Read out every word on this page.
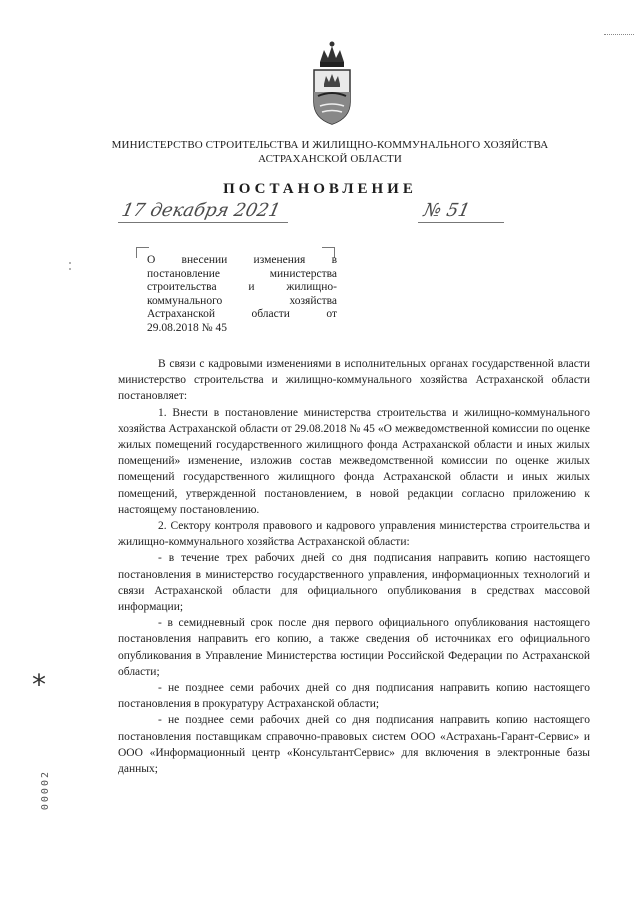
МИНИСТЕРСТВО СТРОИТЕЛЬСТВА И ЖИЛИЩНО-КОММУНАЛЬНОГО ХОЗЯЙСТВА
АСТРАХАНСКОЙ ОБЛАСТИ
ПОСТАНОВЛЕНИЕ
17 декабря 2021	№ 51
О внесении изменения в
постановление министерства
строительства и жилищно-
коммунального хозяйства
Астраханской области от
29.08.2018 № 45

В связи с кадровыми изменениями в исполнительных органах государственной власти министерство строительства и жилищно-коммунального хозяйства Астраханской области постановляет:

1. Внести в постановление министерства строительства и жилищно-коммунального хозяйства Астраханской области от 29.08.2018 № 45 «О межведомственной комиссии по оценке жилых помещений государственного жилищного фонда Астраханской области и иных жилых помещений» изменение, изложив состав межведомственной комиссии по оценке жилых помещений государственного жилищного фонда Астраханской области и иных жилых помещений, утвержденной постановлением, в новой редакции согласно приложению к настоящему постановлению.

2. Сектору контроля правового и кадрового управления министерства строительства и жилищно-коммунального хозяйства Астраханской области:

- в течение трех рабочих дней со дня подписания направить копию настоящего постановления в министерство государственного управления, информационных технологий и связи Астраханской области для официального опубликования в средствах массовой информации;

- в семидневный срок после дня первого официального опубликования настоящего постановления направить его копию, а также сведения об источниках его официального опубликования в Управление Министерства юстиции Российской Федерации по Астраханской области;

- не позднее семи рабочих дней со дня подписания направить копию настоящего постановления в прокуратуру Астраханской области;

- не позднее семи рабочих дней со дня подписания направить копию настоящего постановления поставщикам справочно-правовых систем ООО «Астрахань-Гарант-Сервис» и ООО «Информационный центр «КонсультантСервис» для включения в электронные базы данных;

*
00002
